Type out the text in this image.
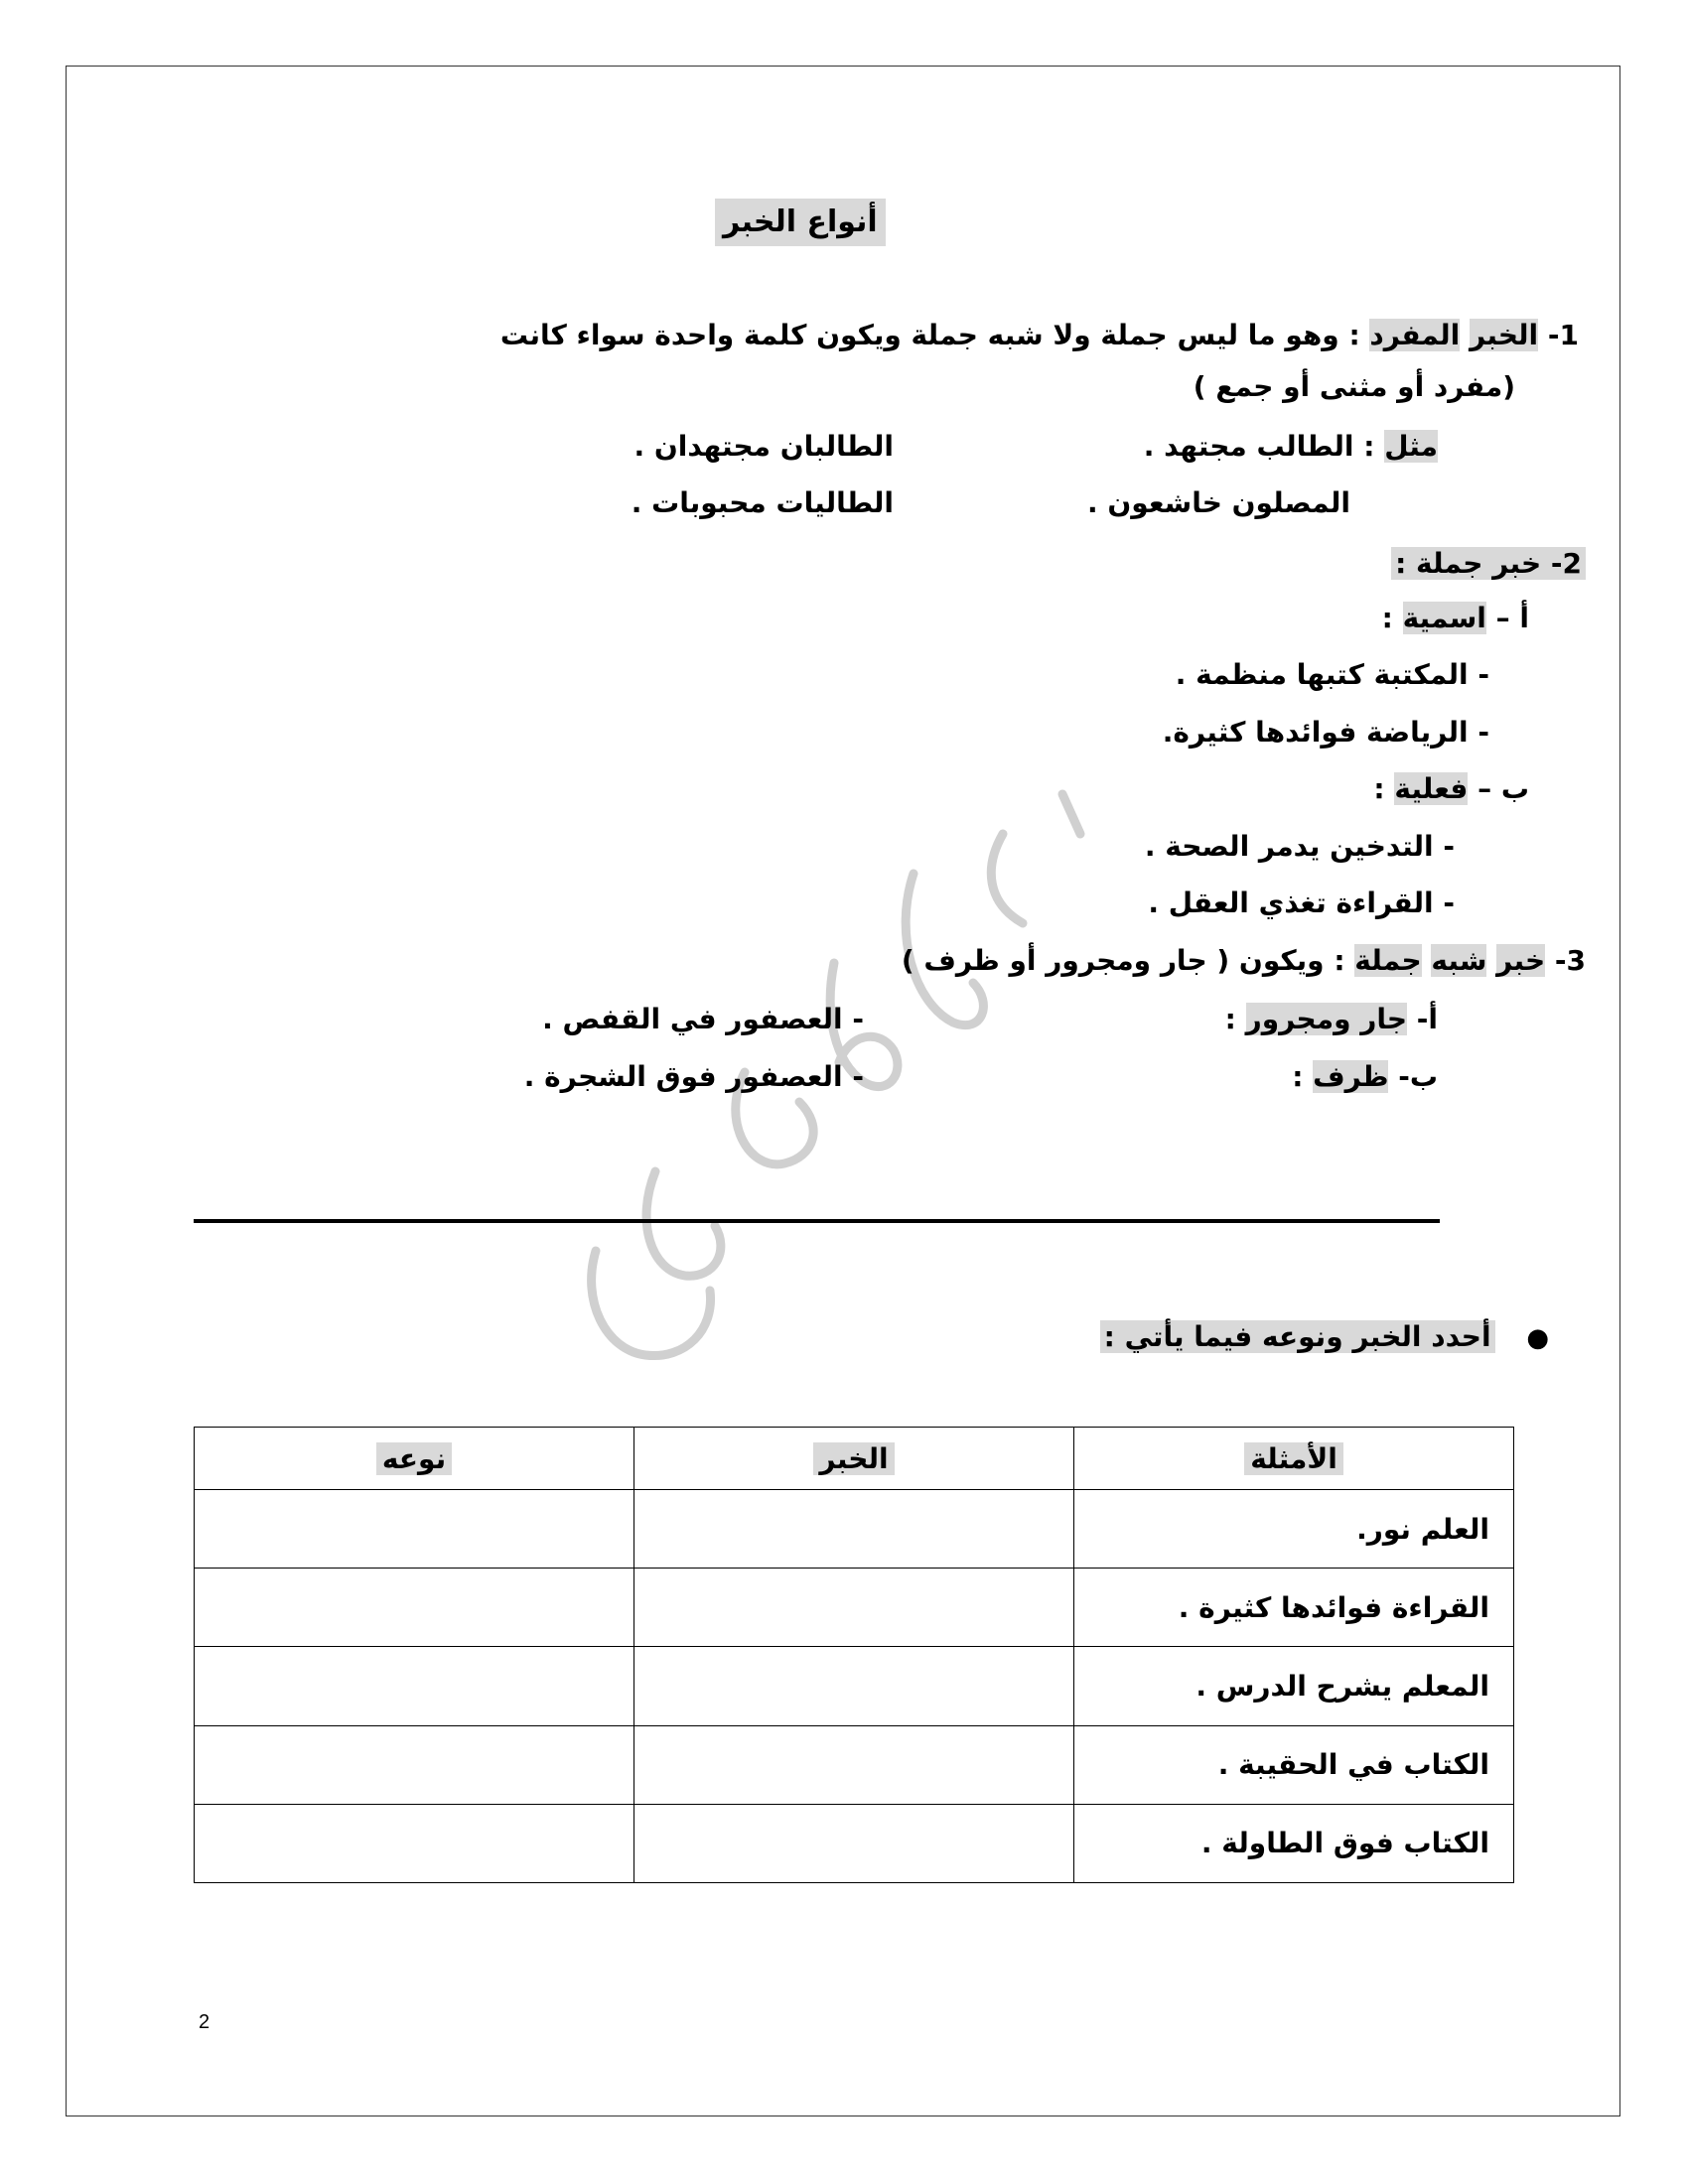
أنواع الخبر
1- الخبر المفرد : وهو ما ليس جملة ولا شبه جملة ويكون كلمة واحدة سواء كانت
(مفرد أو مثنى أو جمع )
مثل : الطالب مجتهد .
الطالبان مجتهدان .
المصلون خاشعون .
الطاليات محبوبات .
2- خبر جملة :
أ – اسمية :
- المكتبة كتبها منظمة .
- الرياضة فوائدها كثيرة.
ب – فعلية :
- التدخين يدمر الصحة .
- القراءة تغذي العقل .
3- خبر شبه جملة : ويكون ( جار ومجرور أو ظرف )
أ- جار ومجرور :
- العصفور في القفص .
ب- ظرف :
- العصفور فوق الشجرة .
● أحدد الخبر ونوعه فيما يأتي :
الأمثلة	الخبر	نوعه
العلم نور.		
القراءة فوائدها كثيرة .		
المعلم يشرح الدرس .		
الكتاب في الحقيبة .		
الكتاب فوق الطاولة .		
2
